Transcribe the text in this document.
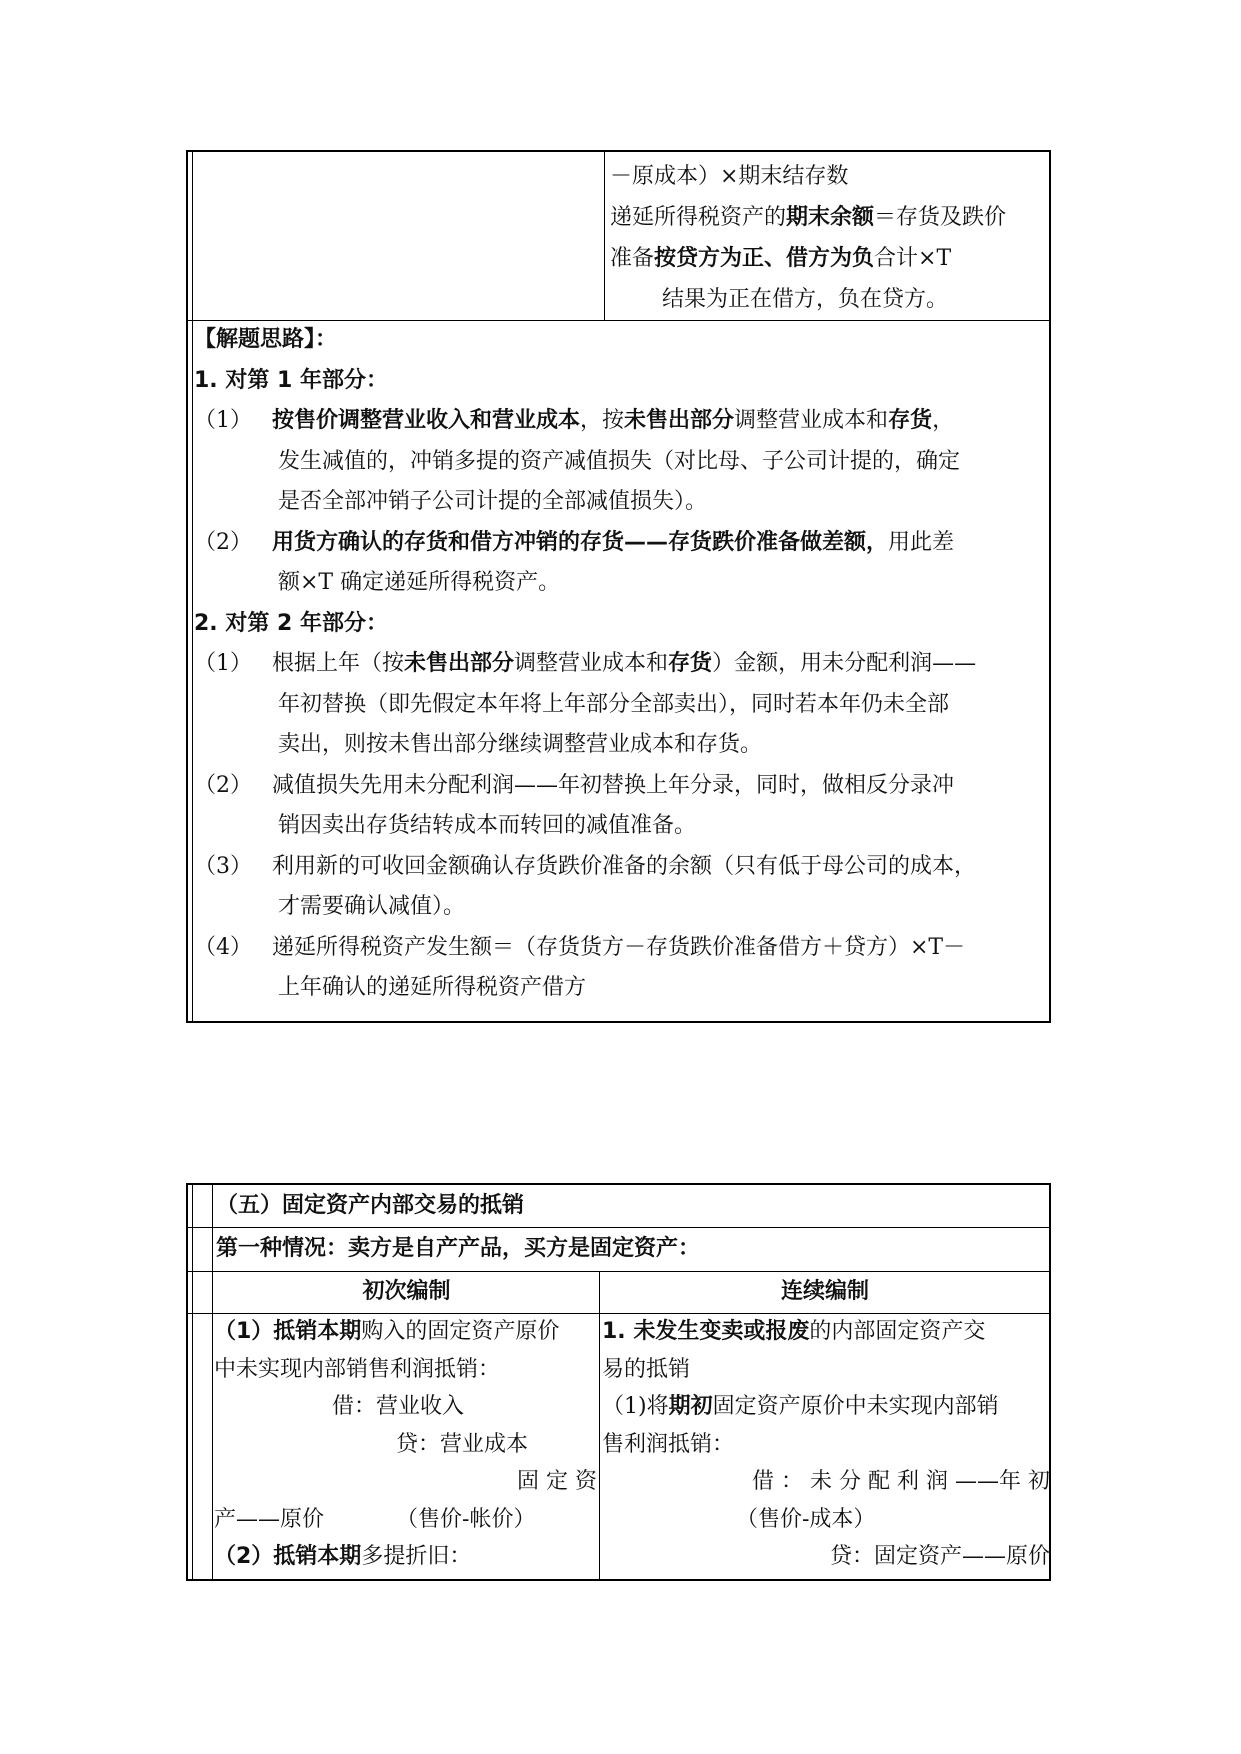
－原成本）×期末结存数

递延所得税资产的期末余额＝存货及跌价

准备按贷方为正、借方为负合计×T

结果为正在借方，负在贷方。

【解题思路】：

1. 对第 1 年部分：

（1） 按售价调整营业收入和营业成本，按未售出部分调整营业成本和存货，

发生减值的，冲销多提的资产减值损失（对比母、子公司计提的，确定

是否全部冲销子公司计提的全部减值损失）。

（2） 用货方确认的存货和借方冲销的存货——存货跌价准备做差额，用此差

额×T 确定递延所得税资产。

2. 对第 2 年部分：

（1） 根据上年（按未售出部分调整营业成本和存货）金额，用未分配利润——

年初替换（即先假定本年将上年部分全部卖出），同时若本年仍未全部

卖出，则按未售出部分继续调整营业成本和存货。

（2） 减值损失先用未分配利润——年初替换上年分录，同时，做相反分录冲

销因卖出存货结转成本而转回的减值准备。

（3） 利用新的可收回金额确认存货跌价准备的余额（只有低于母公司的成本，

才需要确认减值）。

（4） 递延所得税资产发生额＝（存货货方－存货跌价准备借方＋贷方）×T－

上年确认的递延所得税资产借方

（五）固定资产内部交易的抵销
第一种情况：卖方是自产产品，买方是固定资产：
初次编制	连续编制

（1）抵销本期购入的固定资产原价

中未实现内部销售利润抵销：

借：营业收入

贷：营业成本

固 定 资

产——原价	（售价-帐价）

（2）抵销本期多提折旧：

1. 未发生变卖或报废的内部固定资产交

易的抵销

（1)将期初固定资产原价中未实现内部销

售利润抵销：

借 ： 未 分 配 利 润 ——年 初

（售价-成本）

贷：固定资产——原价
